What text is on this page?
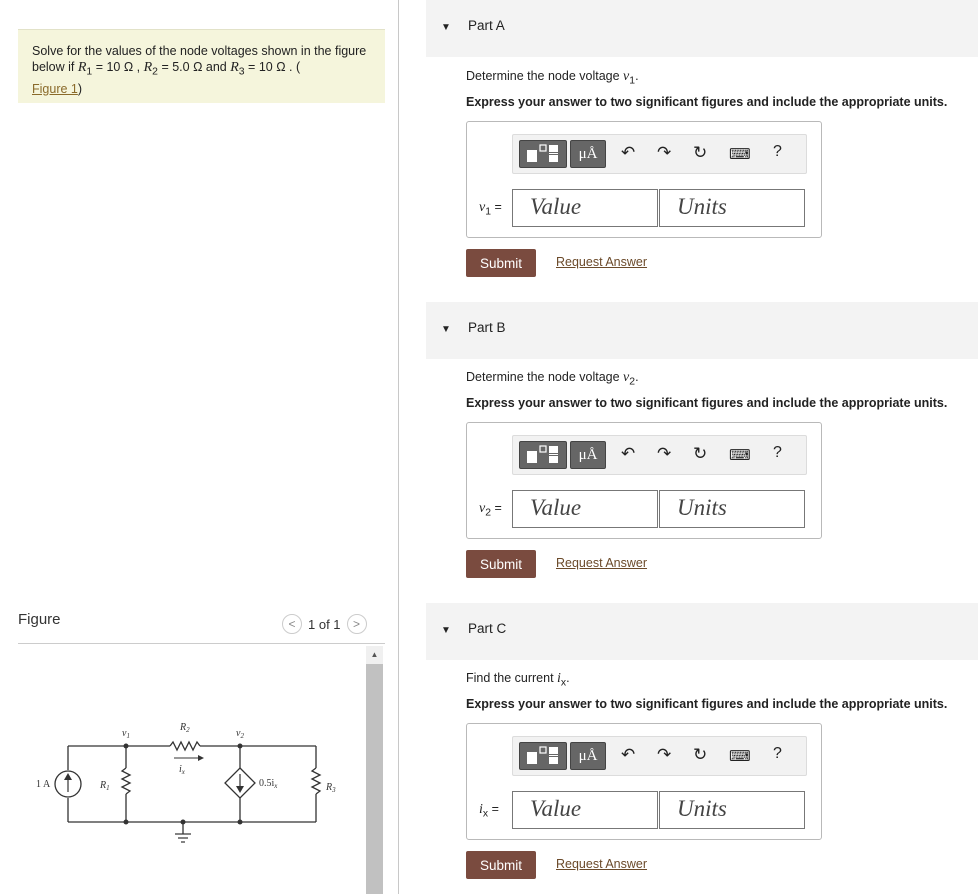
Solve for the values of the node voltages shown in the figure below if $R_1 = 10$ Ω , $R_2 = 5.0$ Ω and $R_3 = 10$ Ω . (
Figure 1)
Figure	< 1 of 1	>
▲
1 A	$R_1$
$R_2$
$R_3$
$v_1$	$v_2$
$i_x$
$0.5i_x$
▼ Part A
Determine the node voltage $v_1$.
Express your answer to two significant figures and include the appropriate units.
μÅ	↶ ↷ ↻ ⌨ ?
$v_1$ =	Value	Units
Submit	Request Answer
▼ Part B
Determine the node voltage $v_2$.
Express your answer to two significant figures and include the appropriate units.
μÅ	↶ ↷ ↻ ⌨ ?
$v_2$ =	Value	Units
Submit	Request Answer
▼ Part C
Find the current $i_x$.
Express your answer to two significant figures and include the appropriate units.
μÅ	↶ ↷ ↻ ⌨ ?
$i_x$ =	Value	Units
Submit	Request Answer
